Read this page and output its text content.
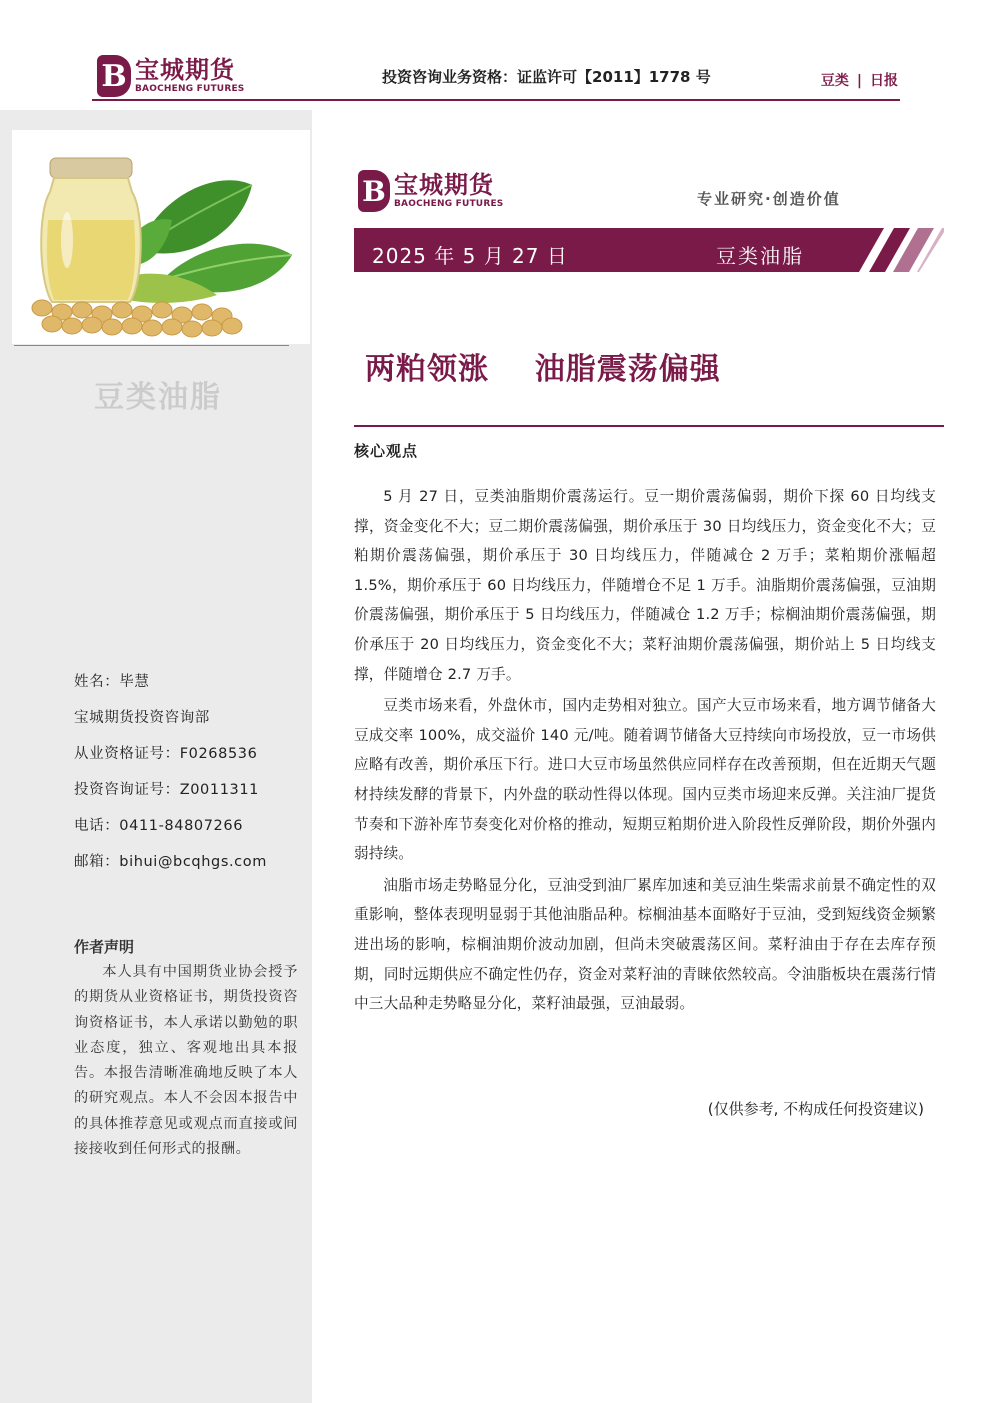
B 宝城期货
BAOCHENG FUTURES
投资咨询业务资格：证监许可【2011】1778 号	豆类 | 日报
豆类油脂
姓名：毕慧
宝城期货投资咨询部
从业资格证号：F0268536
投资咨询证号：Z0011311
电话：0411-84807266
邮箱：bihui@bcqhgs.com
作者声明
本人具有中国期货业协会授予的期货从业资格证书，期货投资咨询资格证书，本人承诺以勤勉的职业态度，独立、客观地出具本报告。本报告清晰准确地反映了本人的研究观点。本人不会因本报告中的具体推荐意见或观点而直接或间接接收到任何形式的报酬。
B 宝城期货
BAOCHENG FUTURES	专业研究·创造价值
2025 年 5 月 27 日	豆类油脂
两粕领涨    油脂震荡偏强
核心观点

5 月 27 日，豆类油脂期价震荡运行。豆一期价震荡偏弱，期价下探 60 日均线支撑，资金变化不大；豆二期价震荡偏强，期价承压于 30 日均线压力，资金变化不大；豆粕期价震荡偏强，期价承压于 30 日均线压力，伴随减仓 2 万手；菜粕期价涨幅超 1.5%，期价承压于 60 日均线压力，伴随增仓不足 1 万手。油脂期价震荡偏强，豆油期价震荡偏强，期价承压于 5 日均线压力，伴随减仓 1.2 万手；棕榈油期价震荡偏强，期价承压于 20 日均线压力，资金变化不大；菜籽油期价震荡偏强，期价站上 5 日均线支撑，伴随增仓 2.7 万手。

豆类市场来看，外盘休市，国内走势相对独立。国产大豆市场来看，地方调节储备大豆成交率 100%，成交溢价 140 元/吨。随着调节储备大豆持续向市场投放，豆一市场供应略有改善，期价承压下行。进口大豆市场虽然供应同样存在改善预期，但在近期天气题材持续发酵的背景下，内外盘的联动性得以体现。国内豆类市场迎来反弹。关注油厂提货节奏和下游补库节奏变化对价格的推动，短期豆粕期价进入阶段性反弹阶段，期价外强内弱持续。

油脂市场走势略显分化，豆油受到油厂累库加速和美豆油生柴需求前景不确定性的双重影响，整体表现明显弱于其他油脂品种。棕榈油基本面略好于豆油，受到短线资金频繁进出场的影响，棕榈油期价波动加剧，但尚未突破震荡区间。菜籽油由于存在去库存预期，同时远期供应不确定性仍存，资金对菜籽油的青睐依然较高。令油脂板块在震荡行情中三大品种走势略显分化，菜籽油最强，豆油最弱。

(仅供参考, 不构成任何投资建议)
